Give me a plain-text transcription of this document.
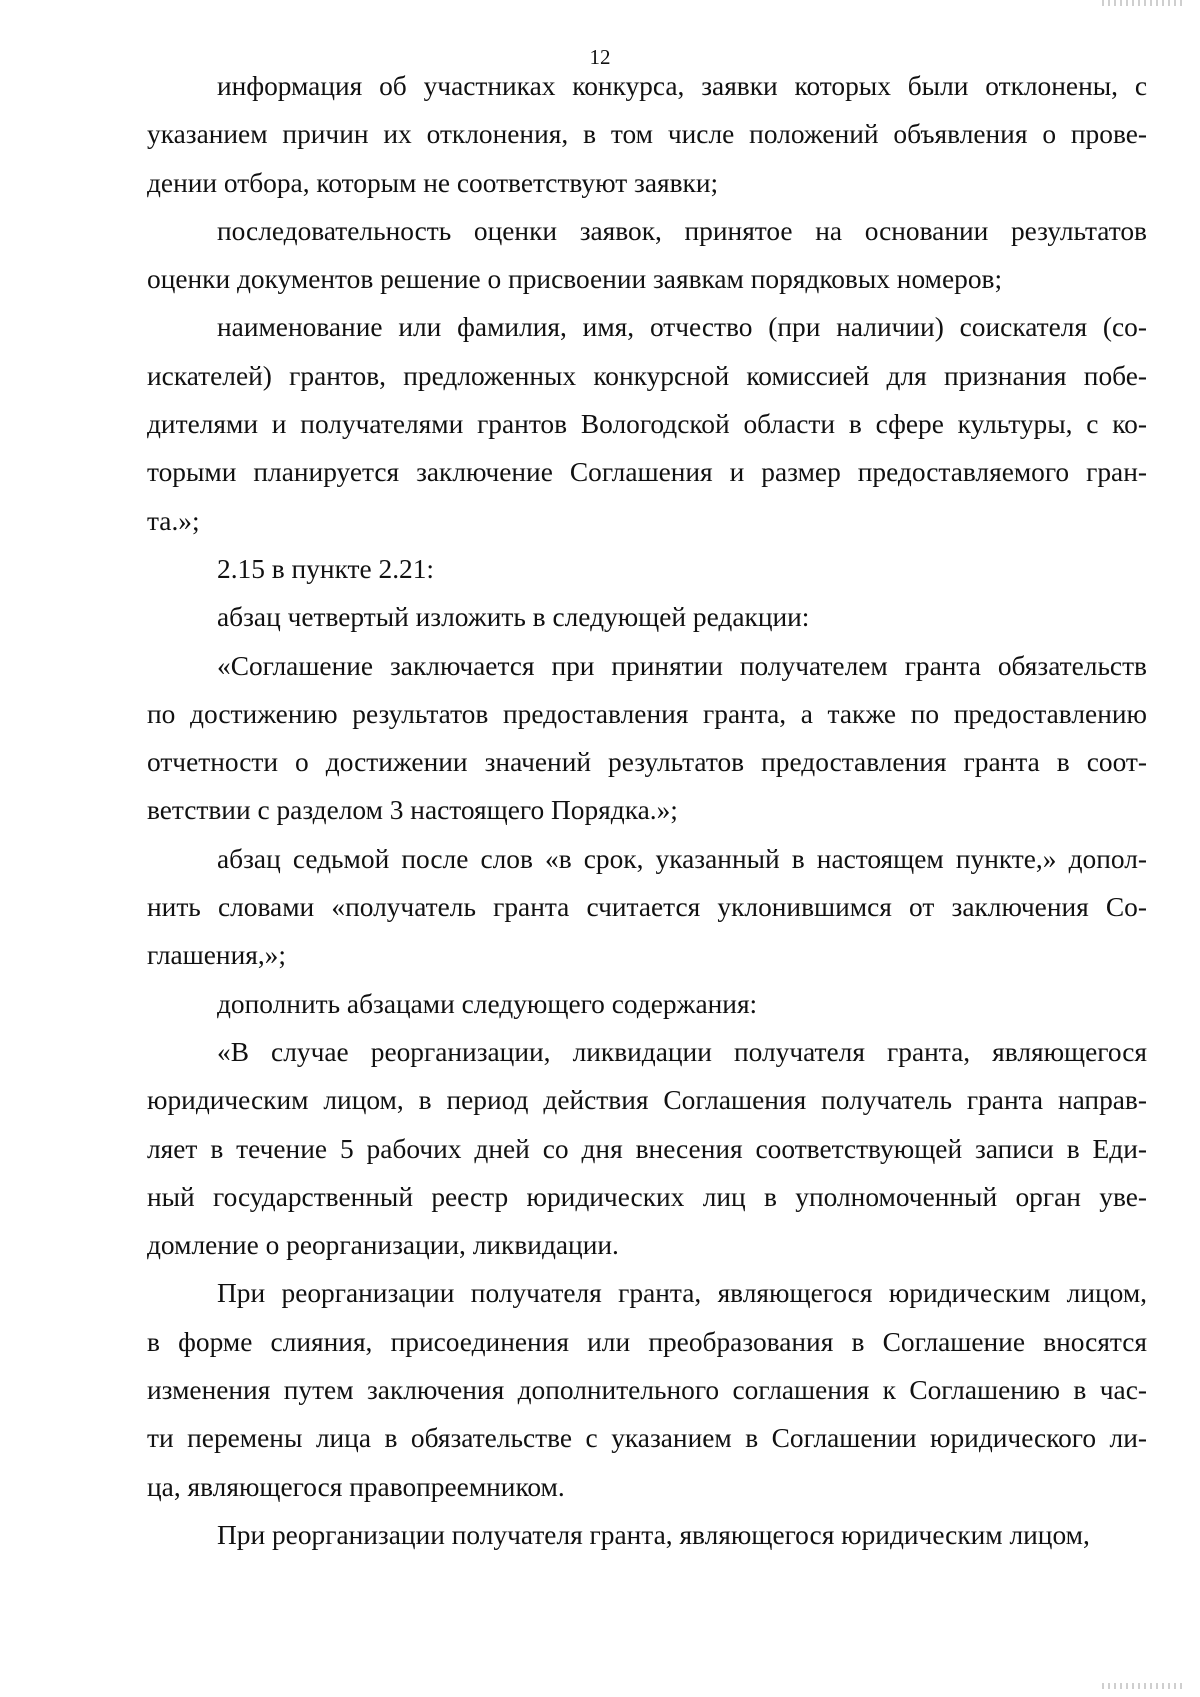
12
информация об участниках конкурса, заявки которых были отклонены, с
указанием причин их отклонения, в том числе положений объявления о прове-
дении отбора, которым не соответствуют заявки;
последовательность оценки заявок, принятое на основании результатов
оценки документов решение о присвоении заявкам порядковых номеров;
наименование или фамилия, имя, отчество (при наличии) соискателя (со-
искателей) грантов, предложенных конкурсной комиссией для признания побе-
дителями и получателями грантов Вологодской области в сфере культуры, с ко-
торыми планируется заключение Соглашения и размер предоставляемого гран-
та.»;
2.15 в пункте 2.21:
абзац четвертый изложить в следующей редакции:
«Соглашение заключается при принятии получателем гранта обязательств
по достижению результатов предоставления гранта, а также по предоставлению
отчетности о достижении значений результатов предоставления гранта в соот-
ветствии с разделом 3 настоящего Порядка.»;
абзац седьмой после слов «в срок, указанный в настоящем пункте,» допол-
нить словами «получатель гранта считается уклонившимся от заключения Со-
глашения,»;
дополнить абзацами следующего содержания:
«В случае реорганизации, ликвидации получателя гранта, являющегося
юридическим лицом, в период действия Соглашения получатель гранта направ-
ляет в течение 5 рабочих дней со дня внесения соответствующей записи в Еди-
ный государственный реестр юридических лиц в уполномоченный орган уве-
домление о реорганизации, ликвидации.
При реорганизации получателя гранта, являющегося юридическим лицом,
в форме слияния, присоединения или преобразования в Соглашение вносятся
изменения путем заключения дополнительного соглашения к Соглашению в час-
ти перемены лица в обязательстве с указанием в Соглашении юридического ли-
ца, являющегося правопреемником.
При реорганизации получателя гранта, являющегося юридическим лицом,
